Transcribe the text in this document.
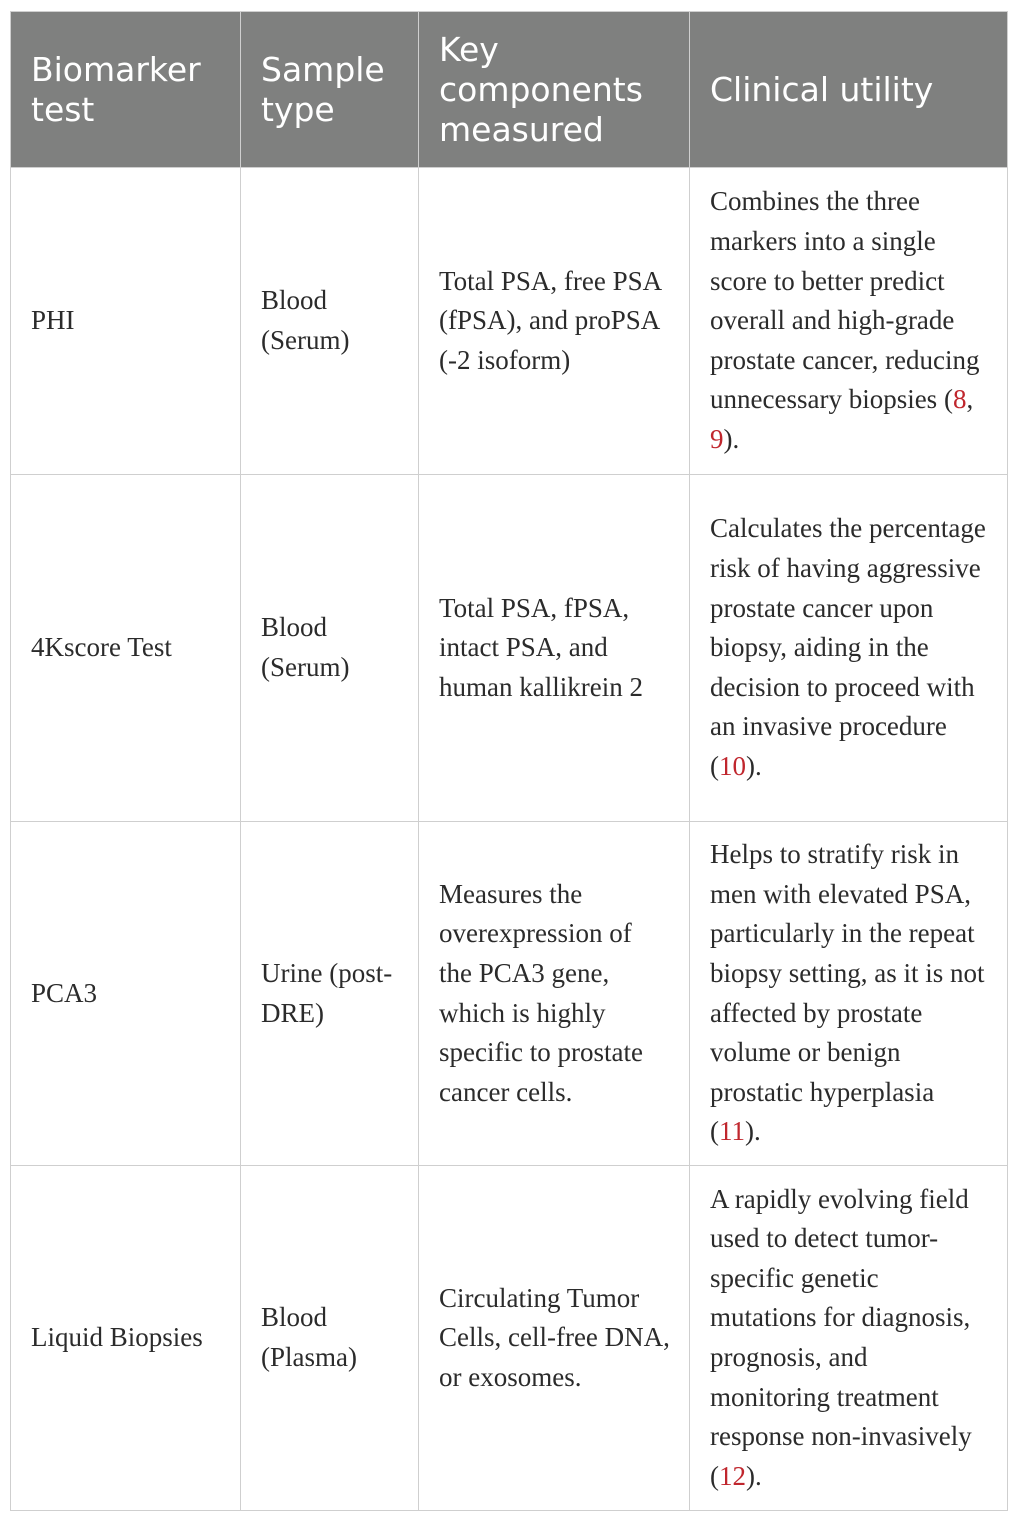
Biomarker test	Sample type	Key components measured	Clinical utility
PHI	Blood (Serum)	Total PSA, free PSA (fPSA), and proPSA (-2 isoform)	Combines the three markers into a single score to better predict overall and high-grade prostate cancer, reducing unnecessary biopsies (8, 9).
4Kscore Test	Blood (Serum)	Total PSA, fPSA, intact PSA, and human kallikrein 2	Calculates the percentage risk of having aggressive prostate cancer upon biopsy, aiding in the decision to proceed with an invasive procedure (10).
PCA3	Urine (post-DRE)	Measures the overexpression of the PCA3 gene, which is highly specific to prostate cancer cells.	Helps to stratify risk in men with elevated PSA, particularly in the repeat biopsy setting, as it is not affected by prostate volume or benign prostatic hyperplasia (11).
Liquid Biopsies	Blood (Plasma)	Circulating Tumor Cells, cell-free DNA, or exosomes.	A rapidly evolving field used to detect tumor-specific genetic mutations for diagnosis, prognosis, and monitoring treatment response non-invasively (12).
